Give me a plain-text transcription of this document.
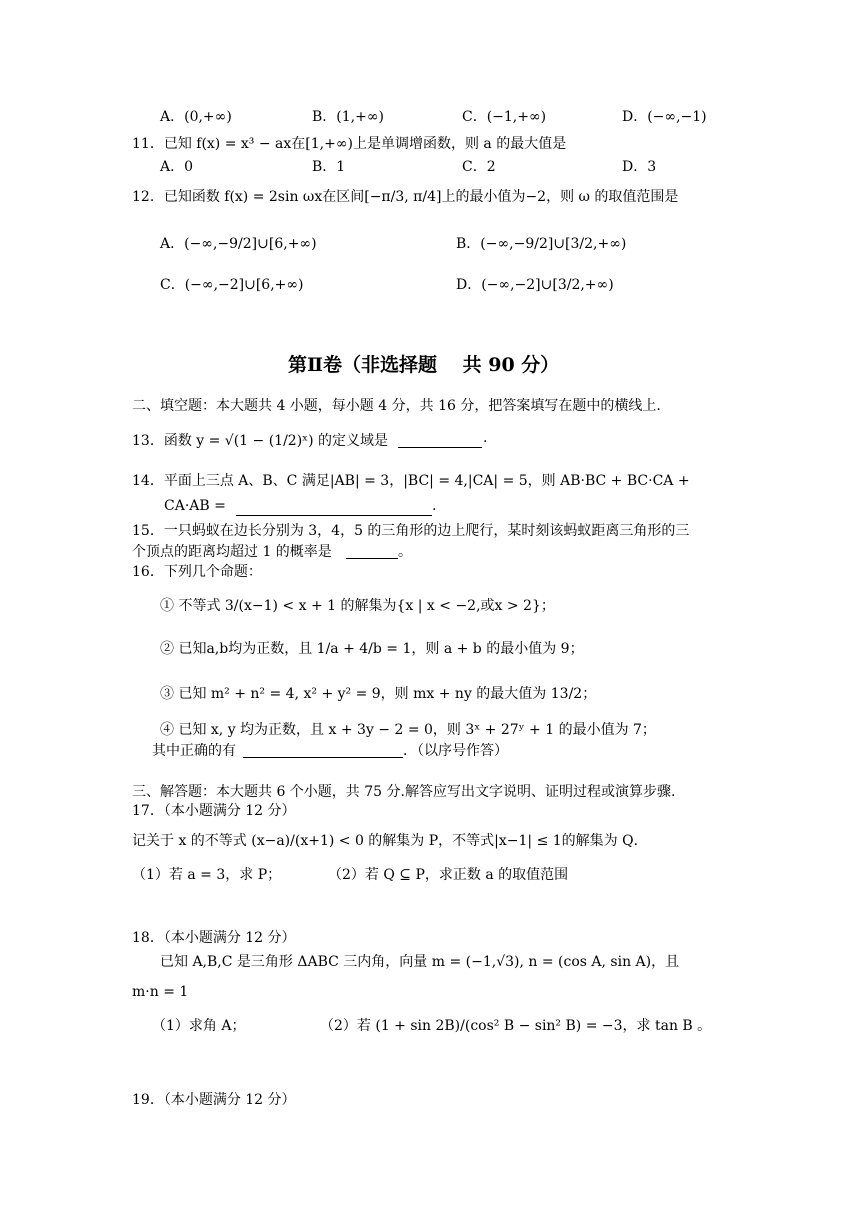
A．(0,+∞)	B．(1,+∞)	C．(−1,+∞)	D．(−∞,−1)
11．已知 f(x) = x³ − ax在[1,+∞)上是单调增函数，则 a 的最大值是
A．0	B．1	C．2	D．3
12．已知函数 f(x) = 2sin ωx在区间[−π/3, π/4]上的最小值为−2，则 ω 的取值范围是
A．(−∞,−9/2]∪[6,+∞)	B．(−∞,−9/2]∪[3/2,+∞)
C．(−∞,−2]∪[6,+∞)	D．(−∞,−2]∪[3/2,+∞)
第Ⅱ卷（非选择题　 共 90 分）
二、填空题：本大题共 4 小题，每小题 4 分，共 16 分，把答案填写在题中的横线上.
13．函数 y = √(1 − (1/2)ˣ) 的定义域是	.
14．平面上三点 A、B、C 满足|AB| = 3，|BC| = 4,|CA| = 5，则 AB·BC + BC·CA +
CA·AB =	.
15．一只蚂蚁在边长分别为 3，4，5 的三角形的边上爬行，某时刻该蚂蚁距离三角形的三
个顶点的距离均超过 1 的概率是	。
16．下列几个命题：
① 不等式 3/(x−1) < x + 1 的解集为{x | x < −2,或x > 2}；
② 已知a,b均为正数，且 1/a + 4/b = 1，则 a + b 的最小值为 9；
③ 已知 m² + n² = 4, x² + y² = 9，则 mx + ny 的最大值为 13/2；
④ 已知 x, y 均为正数，且 x + 3y − 2 = 0，则 3ˣ + 27ʸ + 1 的最小值为 7；
其中正确的有	．（以序号作答）
三、解答题：本大题共 6 个小题，共 75 分.解答应写出文字说明、证明过程或演算步骤.
17．（本小题满分 12 分）
记关于 x 的不等式 (x−a)/(x+1) < 0 的解集为 P，不等式|x−1| ≤ 1的解集为 Q．
（1）若 a = 3，求 P；	（2）若 Q ⊆ P，求正数 a 的取值范围
18．（本小题满分 12 分）
已知 A,B,C 是三角形 ΔABC 三内角，向量 m = (−1,√3), n = (cos A, sin A)，且
m·n = 1
（1）求角 A；	（2）若 (1 + sin 2B)/(cos² B − sin² B) = −3，求 tan B 。
19．（本小题满分 12 分）
